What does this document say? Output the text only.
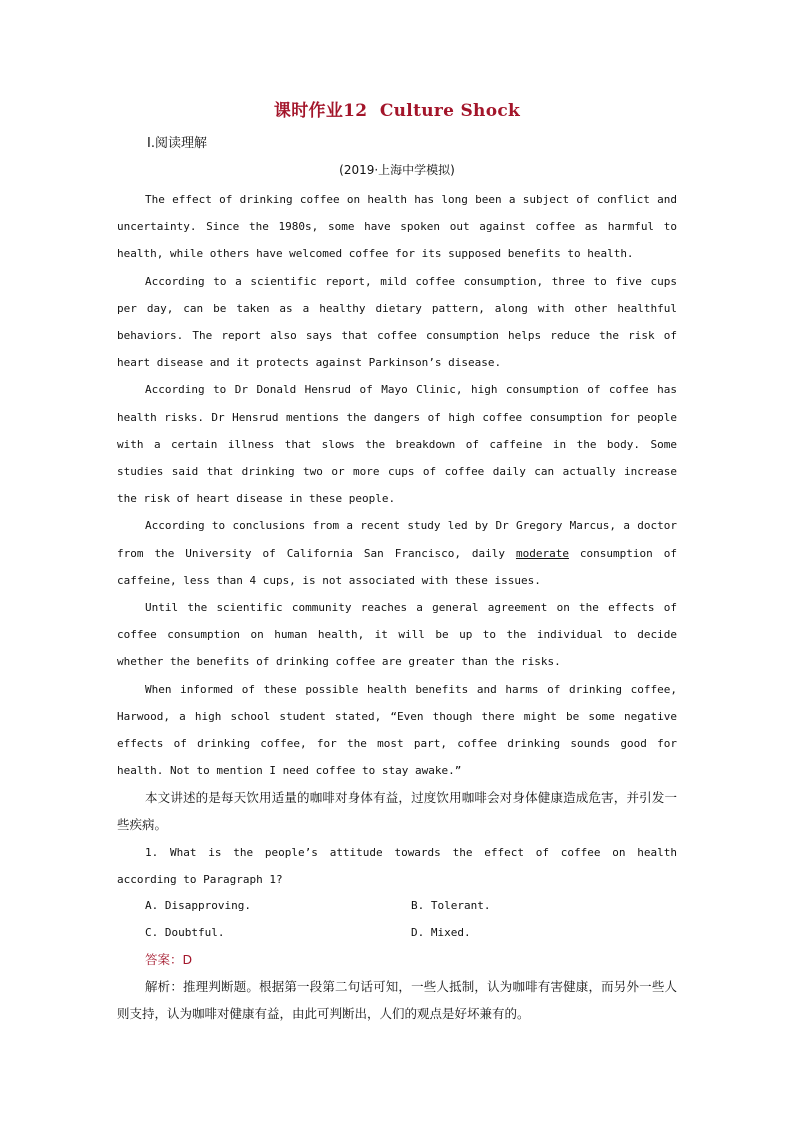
课时作业12  Culture Shock
Ⅰ.阅读理解
(2019·上海中学模拟)

The effect of drinking coffee on health has long been a subject of conflict and uncertainty. Since the 1980s, some have spoken out against coffee as harmful to health, while others have welcomed coffee for its supposed benefits to health.

According to a scientific report, mild coffee consumption, three to five cups per day, can be taken as a healthy dietary pattern, along with other healthful behaviors. The report also says that coffee consumption helps reduce the risk of heart disease and it protects against Parkinson’s disease.

According to Dr Donald Hensrud of Mayo Clinic, high consumption of coffee has health risks. Dr Hensrud mentions the dangers of high coffee consumption for people with a certain illness that slows the breakdown of caffeine in the body. Some studies said that drinking two or more cups of coffee daily can actually increase the risk of heart disease in these people.

According to conclusions from a recent study led by Dr Gregory Marcus, a doctor from the University of California San Francisco, daily moderate consumption of caffeine, less than 4 cups, is not associated with these issues.

Until the scientific community reaches a general agreement on the effects of coffee consumption on human health, it will be up to the individual to decide whether the benefits of drinking coffee are greater than the risks.

When informed of these possible health benefits and harms of drinking coffee, Harwood, a high school student stated, “Even though there might be some negative effects of drinking coffee, for the most part, coffee drinking sounds good for health. Not to mention I need coffee to stay awake.”

本文讲述的是每天饮用适量的咖啡对身体有益，过度饮用咖啡会对身体健康造成危害，并引发一些疾病。

1. What is the people’s attitude towards the effect of coffee on health according to Paragraph 1?
A. Disapproving.	B. Tolerant.
C. Doubtful.	D. Mixed.
答案：D
解析：推理判断题。根据第一段第二句话可知，一些人抵制，认为咖啡有害健康，而另外一些人则支持，认为咖啡对健康有益，由此可判断出，人们的观点是好坏兼有的。
